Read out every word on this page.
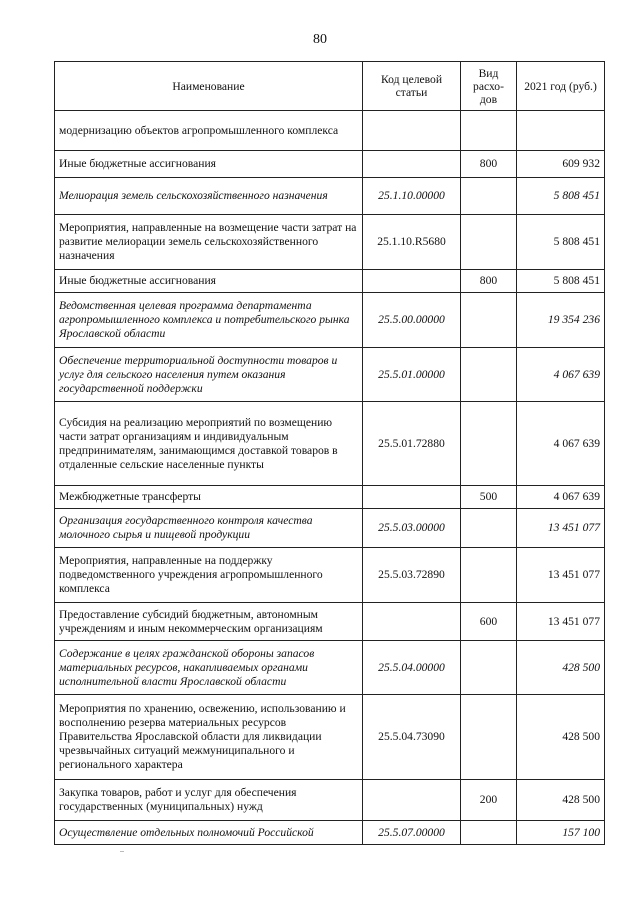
80
Наименование	Код целевой статьи	Вид расхо-дов	2021 год (руб.)
модернизацию объектов агропромышленного комплекса			
Иные бюджетные ассигнования		800	609 932
Мелиорация земель сельскохозяйственного назначения	25.1.10.00000		5 808 451
Мероприятия, направленные на возмещение части затрат на развитие мелиорации земель сельскохозяйственного назначения	25.1.10.R5680		5 808 451
Иные бюджетные ассигнования		800	5 808 451
Ведомственная целевая программа департамента агропромышленного комплекса и потребительского рынка Ярославской области	25.5.00.00000		19 354 236
Обеспечение территориальной доступности товаров и услуг для сельского населения путем оказания государственной поддержки	25.5.01.00000		4 067 639
Субсидия на реализацию мероприятий по возмещению части затрат организациям и индивидуальным предпринимателям, занимающимся доставкой товаров в отдаленные сельские населенные пункты	25.5.01.72880		4 067 639
Межбюджетные трансферты		500	4 067 639
Организация государственного контроля качества молочного сырья и пищевой продукции	25.5.03.00000		13 451 077
Мероприятия, направленные на поддержку подведомственного учреждения агропромышленного комплекса	25.5.03.72890		13 451 077
Предоставление субсидий бюджетным, автономным учреждениям и иным некоммерческим организациям		600	13 451 077
Содержание в целях гражданской обороны запасов материальных ресурсов, накапливаемых органами исполнительной власти Ярославской области	25.5.04.00000		428 500
Мероприятия по хранению, освежению, использованию и восполнению резерва материальных ресурсов Правительства Ярославской области для ликвидации чрезвычайных ситуаций межмуниципального и регионального характера	25.5.04.73090		428 500
Закупка товаров, работ и услуг для обеспечения государственных (муниципальных) нужд		200	428 500
Осуществление отдельных полномочий Российской	25.5.07.00000		157 100
